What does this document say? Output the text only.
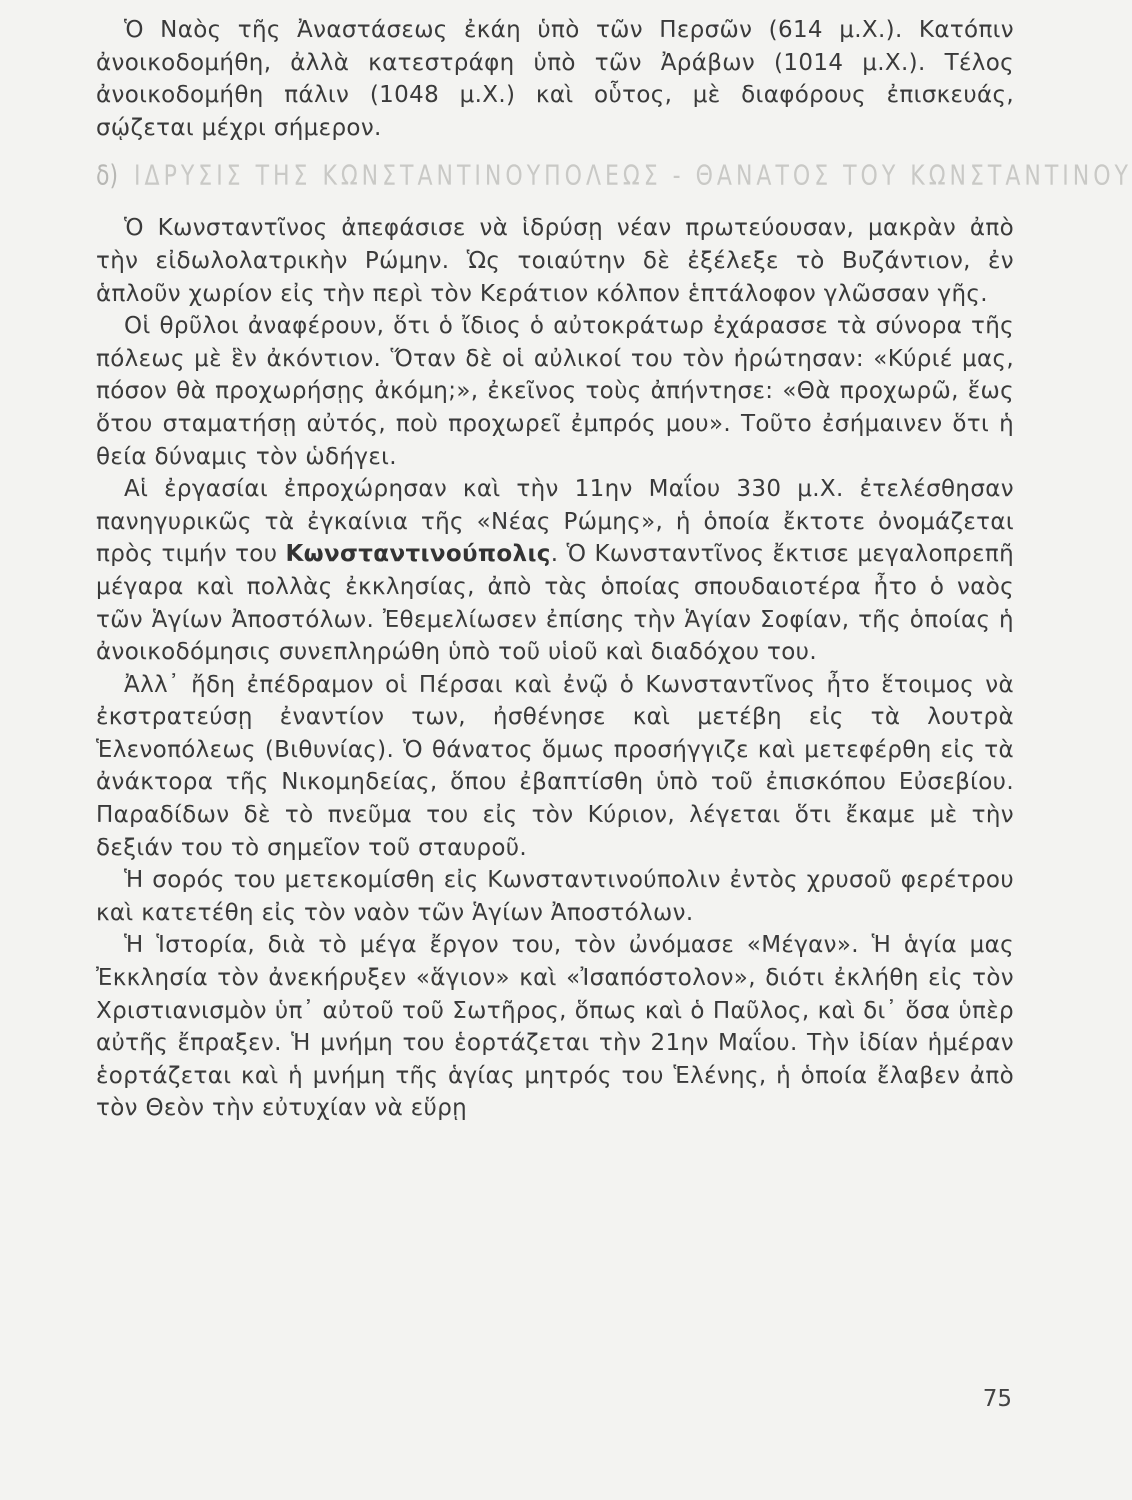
Ὁ Ναὸς τῆς Ἀναστάσεως ἐκάη ὑπὸ τῶν Περσῶν (614 μ.Χ.). Κατόπιν ἀνοικοδομήθη, ἀλλὰ κατεστράφη ὑπὸ τῶν Ἀράβων (1014 μ.Χ.). Τέλος ἀνοικοδομήθη πάλιν (1048 μ.Χ.) καὶ οὗτος, μὲ διαφόρους ἐπισκευάς, σῴζεται μέχρι σήμερον.

δ) ΙΔΡΥΣΙΣ ΤΗΣ ΚΩΝΣΤΑΝΤΙΝΟΥΠΟΛΕΩΣ - ΘΑΝΑΤΟΣ ΤΟΥ ΚΩΝΣΤΑΝΤΙΝΟΥ

Ὁ Κωνσταντῖνος ἀπεφάσισε νὰ ἱδρύσῃ νέαν πρωτεύουσαν, μακρὰν ἀπὸ τὴν εἰδωλολατρικὴν Ρώμην. Ὡς τοιαύτην δὲ ἐξέλεξε τὸ Βυζάντιον, ἐν ἁπλοῦν χωρίον εἰς τὴν περὶ τὸν Κεράτιον κόλπον ἑπτάλοφον γλῶσσαν γῆς.

Οἱ θρῦλοι ἀναφέρουν, ὅτι ὁ ἴδιος ὁ αὐτοκράτωρ ἐχάρασσε τὰ σύνορα τῆς πόλεως μὲ ἓν ἀκόντιον. Ὅταν δὲ οἱ αὐλικοί του τὸν ἠρώτησαν: «Κύριέ μας, πόσον θὰ προχωρήσῃς ἀκόμη;», ἐκεῖνος τοὺς ἀπήντησε: «Θὰ προχωρῶ, ἕως ὅτου σταματήσῃ αὐτός, ποὺ προχωρεῖ ἐμπρός μου». Τοῦτο ἐσήμαινεν ὅτι ἡ θεία δύναμις τὸν ὡδήγει.

Αἱ ἐργασίαι ἐπροχώρησαν καὶ τὴν 11ην Μαΐου 330 μ.Χ. ἐτελέσθησαν πανηγυρικῶς τὰ ἐγκαίνια τῆς «Νέας Ρώμης», ἡ ὁποία ἔκτοτε ὀνομάζεται πρὸς τιμήν του Κωνσταντινούπολις. Ὁ Κωνσταντῖνος ἔκτισε μεγαλοπρεπῆ μέγαρα καὶ πολλὰς ἐκκλησίας, ἀπὸ τὰς ὁποίας σπουδαιοτέρα ἦτο ὁ ναὸς τῶν Ἁγίων Ἀποστόλων. Ἐθεμελίωσεν ἐπίσης τὴν Ἁγίαν Σοφίαν, τῆς ὁποίας ἡ ἀνοικοδόμησις συνεπληρώθη ὑπὸ τοῦ υἱοῦ καὶ διαδόχου του.

Ἀλλ᾽ ἤδη ἐπέδραμον οἱ Πέρσαι καὶ ἐνῷ ὁ Κωνσταντῖνος ἦτο ἕτοιμος νὰ ἐκστρατεύσῃ ἐναντίον των, ἠσθένησε καὶ μετέβη εἰς τὰ λουτρὰ Ἑλενοπόλεως (Βιθυνίας). Ὁ θάνατος ὅμως προσήγγιζε καὶ μετεφέρθη εἰς τὰ ἀνάκτορα τῆς Νικομηδείας, ὅπου ἐβαπτίσθη ὑπὸ τοῦ ἐπισκόπου Εὐσεβίου. Παραδίδων δὲ τὸ πνεῦμα του εἰς τὸν Κύριον, λέγεται ὅτι ἔκαμε μὲ τὴν δεξιάν του τὸ σημεῖον τοῦ σταυροῦ.

Ἡ σορός του μετεκομίσθη εἰς Κωνσταντινούπολιν ἐντὸς χρυσοῦ φερέτρου καὶ κατετέθη εἰς τὸν ναὸν τῶν Ἁγίων Ἀποστόλων.

Ἡ Ἱστορία, διὰ τὸ μέγα ἔργον του, τὸν ὠνόμασε «Μέγαν». Ἡ ἁγία μας Ἐκκλησία τὸν ἀνεκήρυξεν «ἅγιον» καὶ «Ἰσαπόστολον», διότι ἐκλήθη εἰς τὸν Χριστιανισμὸν ὑπ᾽ αὐτοῦ τοῦ Σωτῆρος, ὅπως καὶ ὁ Παῦλος, καὶ δι᾽ ὅσα ὑπὲρ αὐτῆς ἔπραξεν. Ἡ μνήμη του ἑορτάζεται τὴν 21ην Μαΐου. Τὴν ἰδίαν ἡμέραν ἑορτάζεται καὶ ἡ μνήμη τῆς ἁγίας μητρός του Ἑλένης, ἡ ὁποία ἔλαβεν ἀπὸ τὸν Θεὸν τὴν εὐτυχίαν νὰ εὕρῃ

75
